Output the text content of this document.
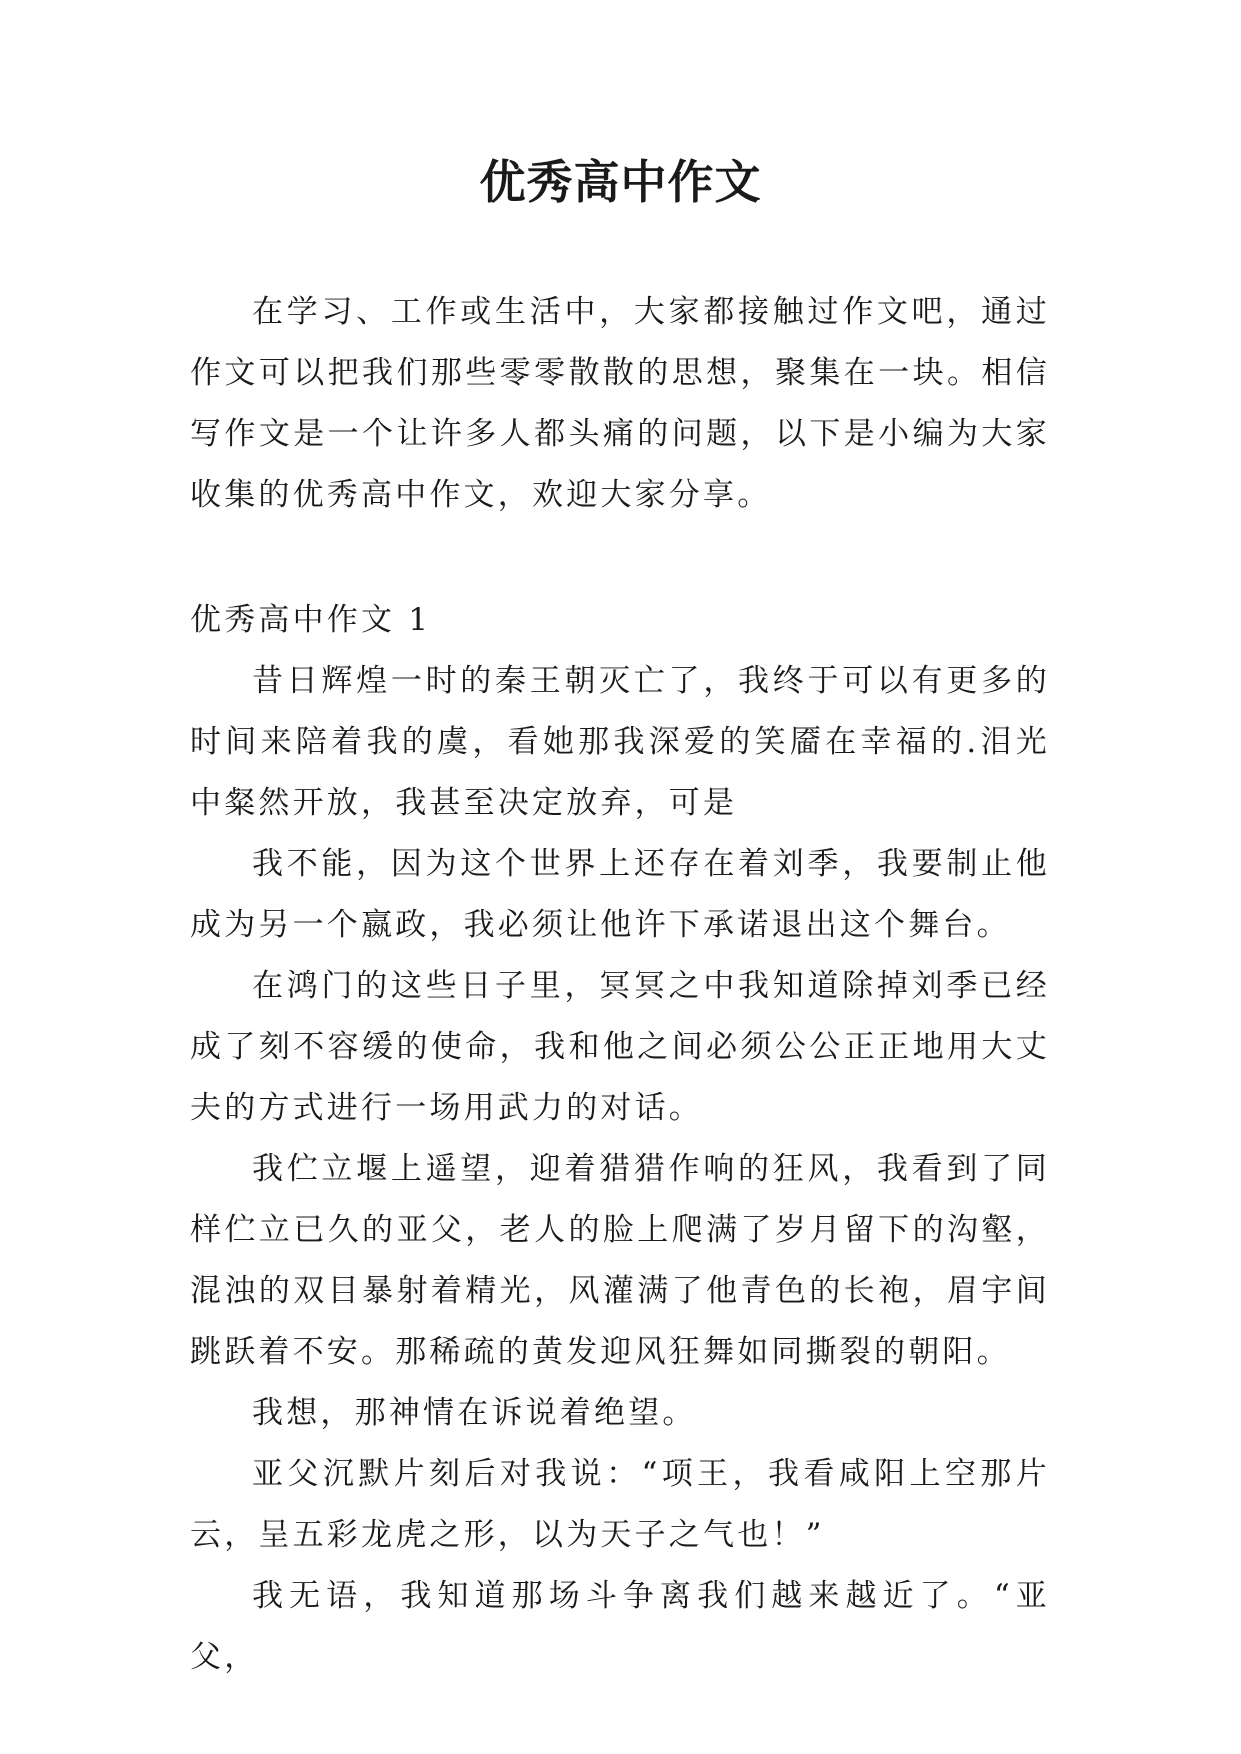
优秀高中作文

在学习、工作或生活中，大家都接触过作文吧，通过作文可以把我们那些零零散散的思想，聚集在一块。相信写作文是一个让许多人都头痛的问题，以下是小编为大家收集的优秀高中作文，欢迎大家分享。

优秀高中作文 1

昔日辉煌一时的秦王朝灭亡了，我终于可以有更多的时间来陪着我的虞，看她那我深爱的笑靥在幸福的.泪光中粲然开放，我甚至决定放弃，可是

我不能，因为这个世界上还存在着刘季，我要制止他成为另一个嬴政，我必须让他许下承诺退出这个舞台。

在鸿门的这些日子里，冥冥之中我知道除掉刘季已经成了刻不容缓的使命，我和他之间必须公公正正地用大丈夫的方式进行一场用武力的对话。

我伫立堰上遥望，迎着猎猎作响的狂风，我看到了同样伫立已久的亚父，老人的脸上爬满了岁月留下的沟壑，混浊的双目暴射着精光，风灌满了他青色的长袍，眉宇间跳跃着不安。那稀疏的黄发迎风狂舞如同撕裂的朝阳。

我想，那神情在诉说着绝望。

亚父沉默片刻后对我说：“项王，我看咸阳上空那片云，呈五彩龙虎之形，以为天子之气也！”

我无语，我知道那场斗争离我们越来越近了。“亚父，
